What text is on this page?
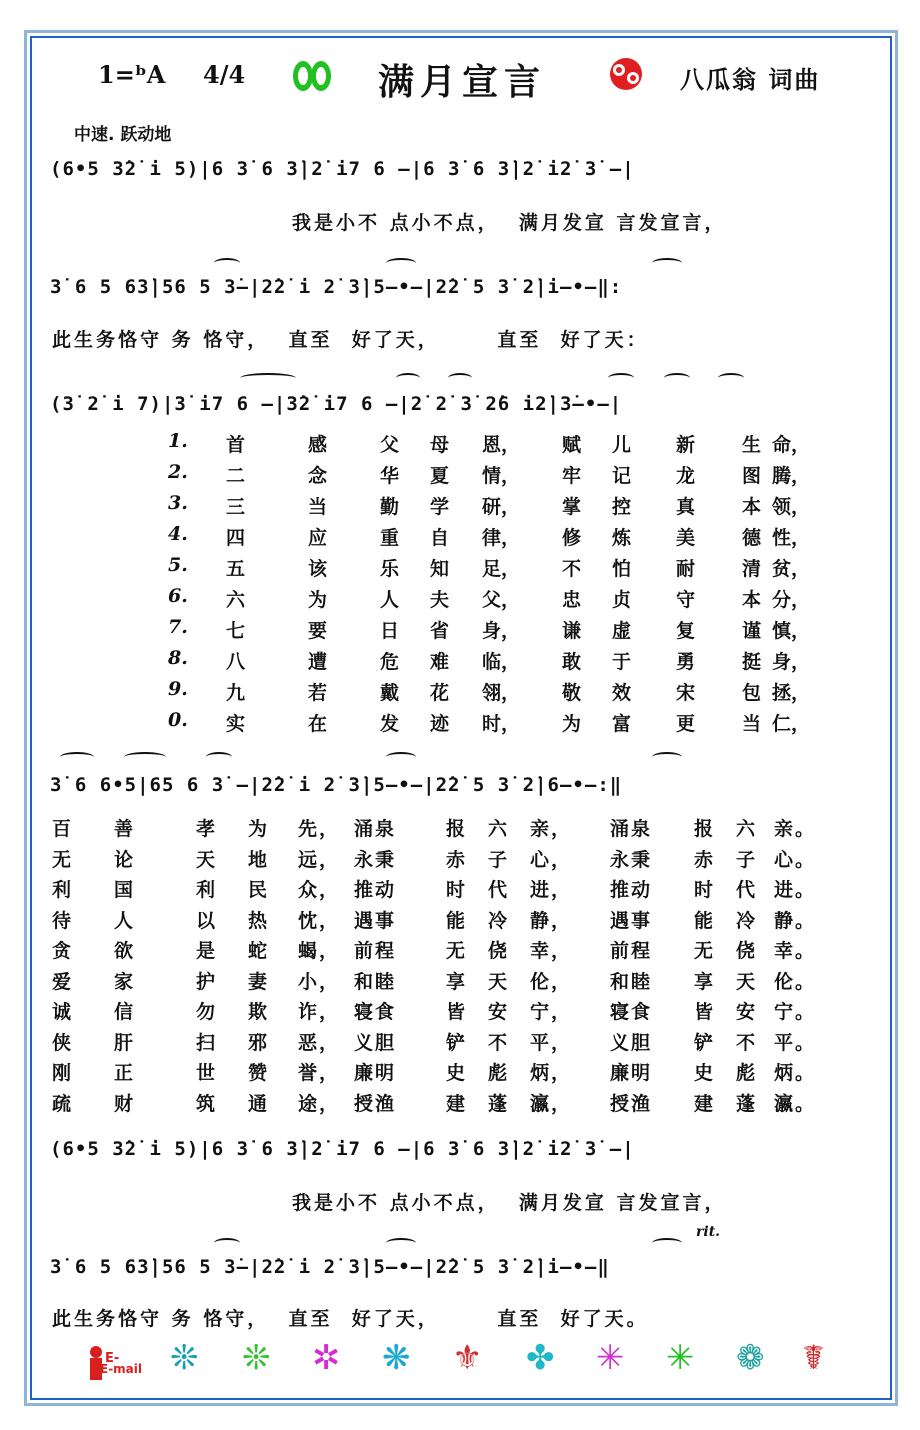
1=ᵇA 4/4	满月宣言	八瓜翁 词曲
中速. 跃动地
(6•5 3̇2̇ i 5)|6 3̇ 6 3̇|2̇ i7 6 —|6 3̇ 6 3̇|2̇ i2̇ 3̇ —|
我是小不 点小不点，  满月发宣 言发宣言，
3̇ 6 5 63̇|56 5 3̇—|2̇2̇ i 2̇ 3̇|5—•—|2̇2̇ 5 3̇ 2̇|i—•—‖:
此生务恪守 务 恪守，  直至  好了天，      直至  好了天：
(3̇ 2̇ i 7)|3̇ i7 6 —|3̇2̇ i7 6 —|2̇ 2̇ 3̇ 2̇6 i2̇|3̇—•—|
1. 首	感	父 母 恩， 赋 儿 新 生 命，
2. 二	念	华 夏 情， 牢 记 龙 图 腾，
3. 三	当	勤 学 研， 掌 控 真 本 领，
4. 四	应	重 自 律， 修 炼 美 德 性，
5. 五	该	乐 知 足， 不 怕 耐 清 贫，
6. 六	为	人 夫 父， 忠 贞 守 本 分，
7. 七	要	日 省 身， 谦 虚 复 谨 慎，
8. 八	遭	危 难 临， 敢 于 勇 挺 身，
9. 九	若	戴 花 翎， 敬 效 宋 包 拯，
0. 实	在	发 迹 时， 为 富 更 当 仁，
3̇ 6 6•5|65 6 3̇ —|2̇2̇ i 2̇ 3̇|5—•—|2̇2̇ 5 3̇ 2̇|6—•—:‖
百 善	孝 为 先， 涌泉	报 六 亲， 涌泉 报 六 亲。
无 论	天 地 远， 永秉	赤 子 心， 永秉 赤 子 心。
利 国	利 民 众， 推动	时 代 进， 推动 时 代 进。
待 人	以 热 忱， 遇事	能 冷 静， 遇事 能 冷 静。
贪 欲	是 蛇 蝎， 前程	无 侥 幸， 前程 无 侥 幸。
爱 家	护 妻 小， 和睦	享 天 伦， 和睦 享 天 伦。
诚 信	勿 欺 诈， 寝食	皆 安 宁， 寝食 皆 安 宁。
侠 肝	扫 邪 恶， 义胆	铲 不 平， 义胆 铲 不 平。
刚 正	世 赞 誉， 廉明	史 彪 炳， 廉明 史 彪 炳。
疏 财	筑 通 途， 授渔	建 蓬 瀛， 授渔 建 蓬 瀛。
(6•5 3̇2̇ i 5)|6 3̇ 6 3̇|2̇ i7 6 —|6 3̇ 6 3̇|2̇ i2̇ 3̇ —|
我是小不 点小不点，  满月发宣 言发宣言，
rit.
3̇ 6 5 63̇|56 5 3̇—|2̇2̇ i 2̇ 3̇|5—•—|2̇2̇ 5 3̇ 2̇|i—•—‖
此生务恪守 务 恪守，  直至  好了天，      直至  好了天。
E-
E-mail ❊ ❊ ✲ ❋ ⚜ ✤ ✳ ✳ ❁ ☤
